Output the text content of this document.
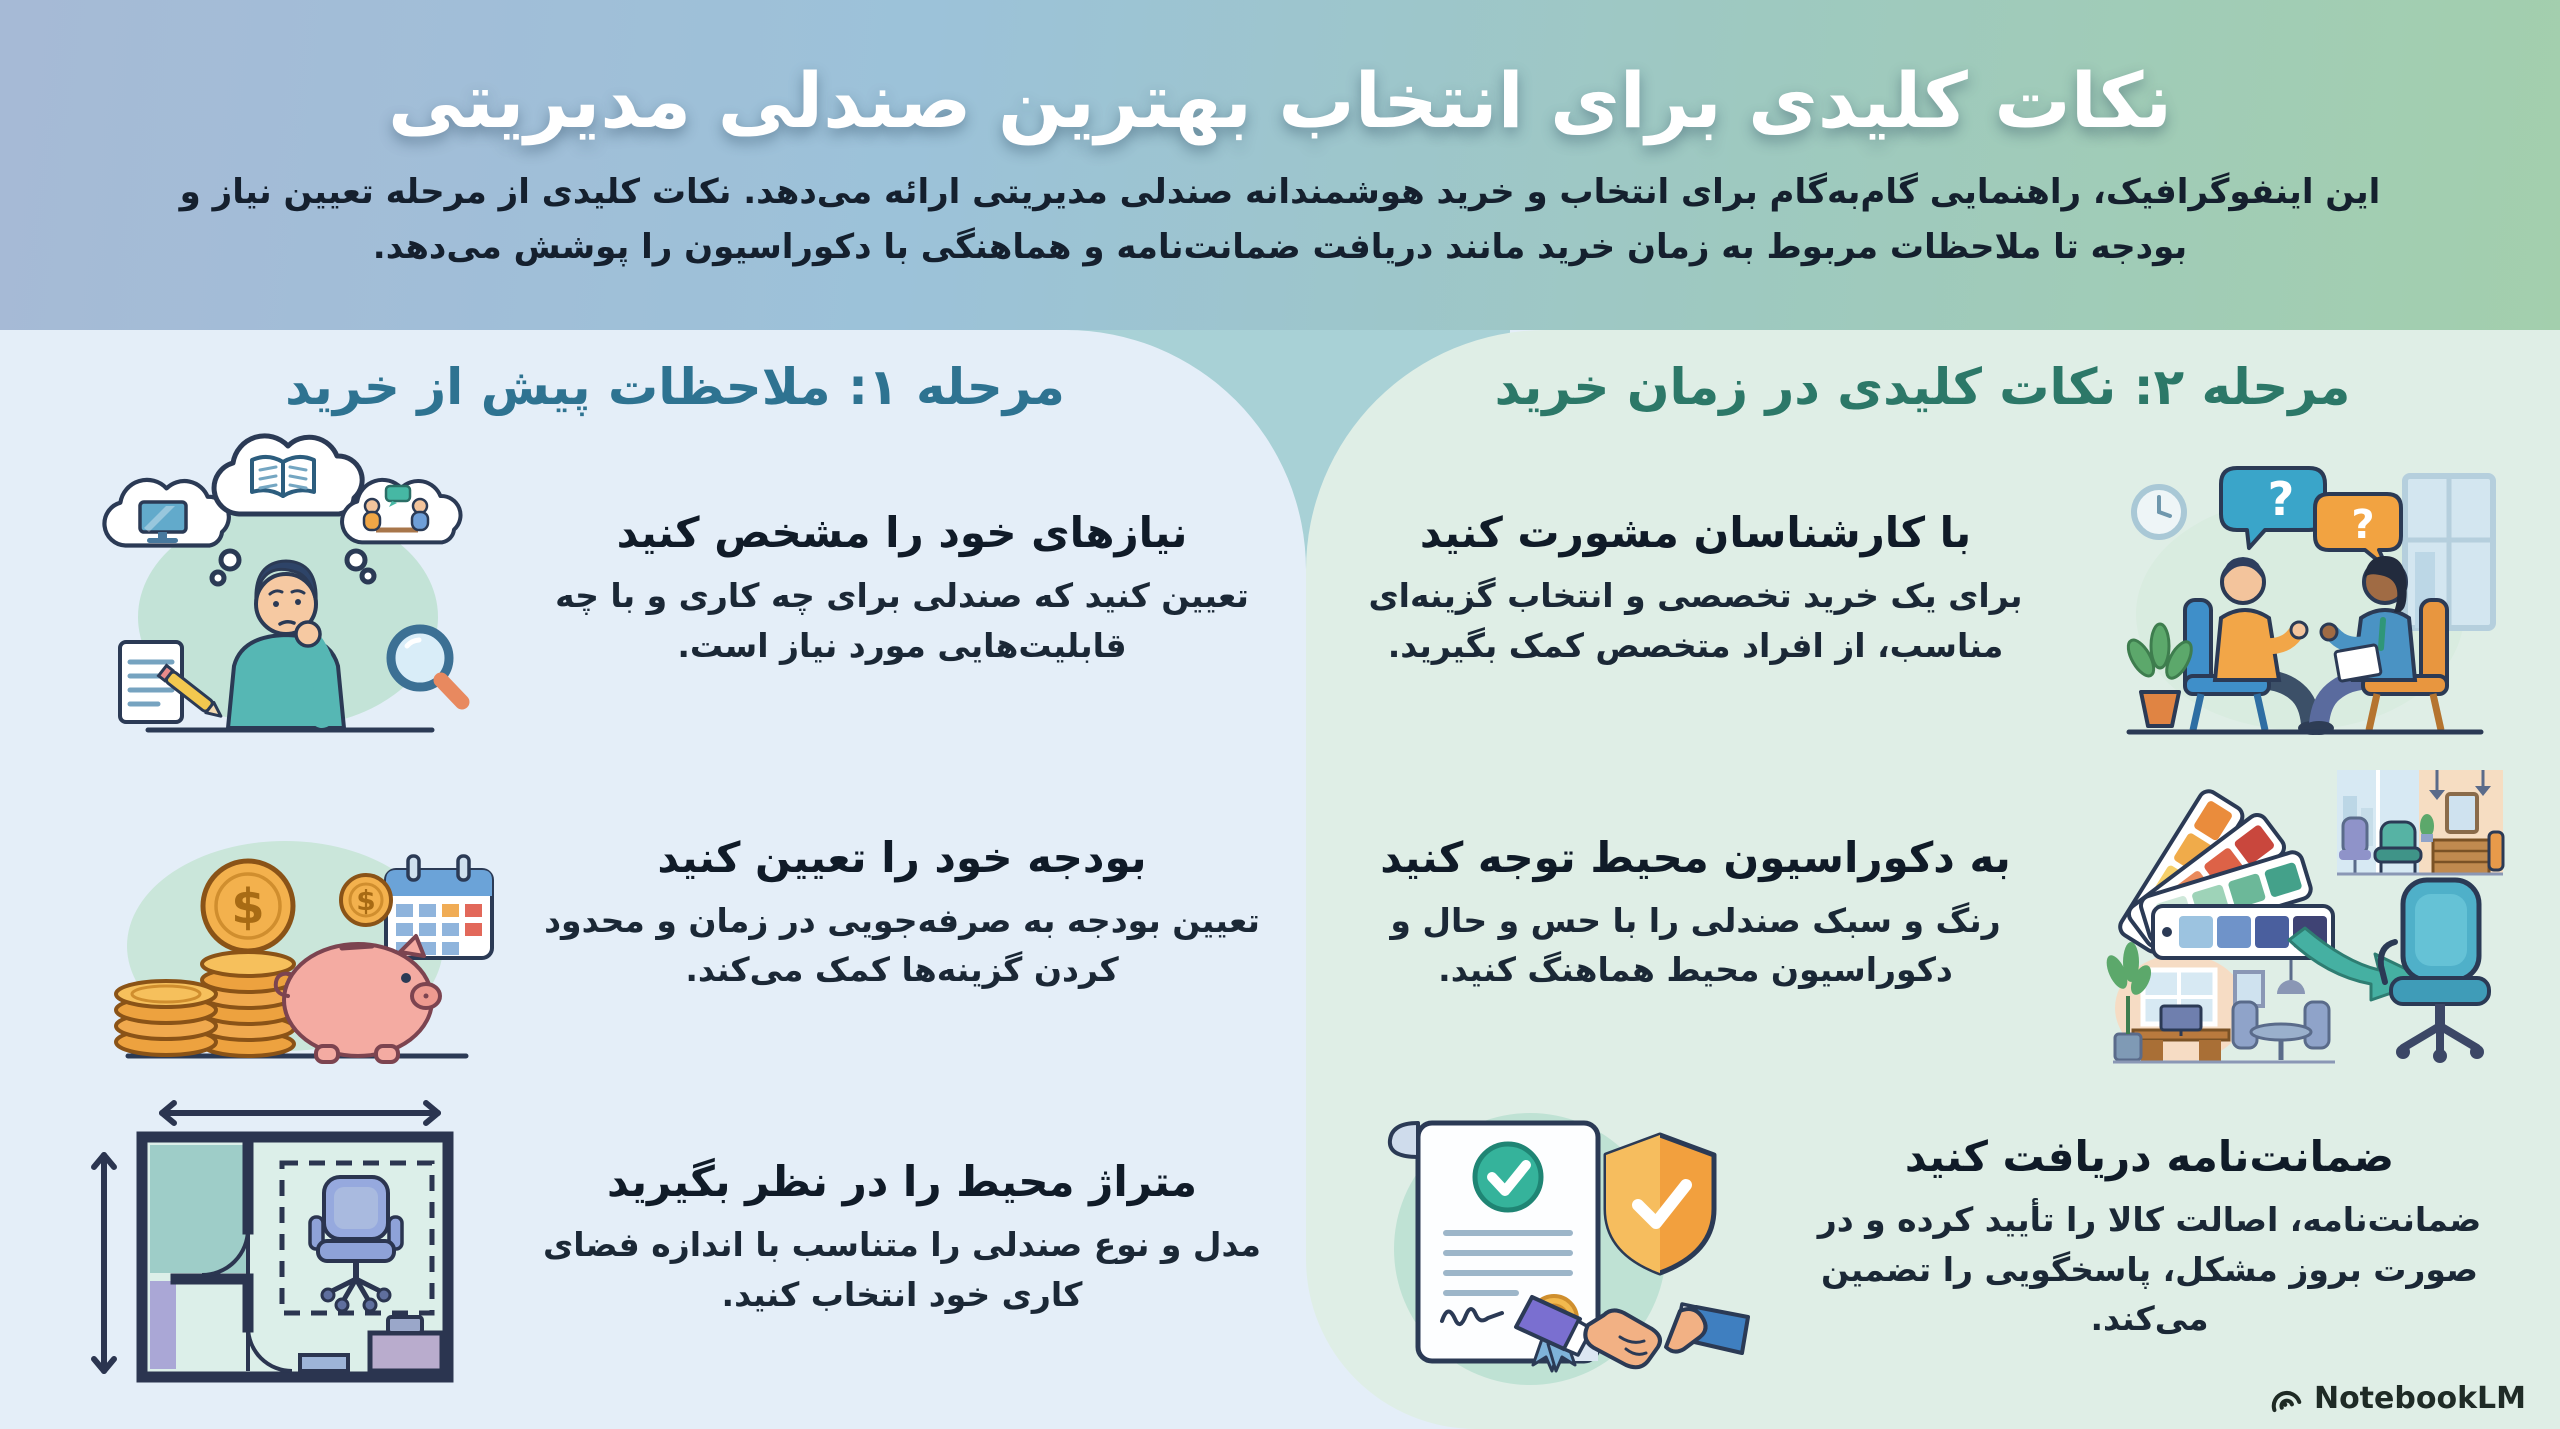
نکات کلیدی برای انتخاب بهترین صندلی مدیریتی

این اینفوگرافیک، راهنمایی گام‌به‌گام برای انتخاب و خرید هوشمندانه صندلی مدیریتی ارائه می‌دهد. نکات کلیدی از مرحله تعیین نیاز و بودجه تا ملاحظات مربوط به زمان خرید مانند دریافت ضمانت‌نامه و هماهنگی با دکوراسیون را پوشش می‌دهد.

مرحله ۱: ملاحظات پیش از خرید
نیازهای خود را مشخص کنید

تعیین کنید که صندلی برای چه کاری و با چه قابلیت‌هایی مورد نیاز است.

$	$
بودجه خود را تعیین کنید

تعیین بودجه به صرفه‌جویی در زمان و محدود کردن گزینه‌ها کمک می‌کند.

متراژ محیط را در نظر بگیرید

مدل و نوع صندلی را متناسب با اندازه فضای کاری خود انتخاب کنید.

مرحله ۲: نکات کلیدی در زمان خرید
با کارشناسان مشورت کنید

برای یک خرید تخصصی و انتخاب گزینه‌ای مناسب، از افراد متخصص کمک بگیرید.

? ?
به دکوراسیون محیط توجه کنید

رنگ و سبک صندلی را با حس و حال و دکوراسیون محیط هماهنگ کنید.

ضمانت‌نامه دریافت کنید

ضمانت‌نامه، اصالت کالا را تأیید کرده و در صورت بروز مشکل، پاسخگویی را تضمین می‌کند.

NotebookLM
